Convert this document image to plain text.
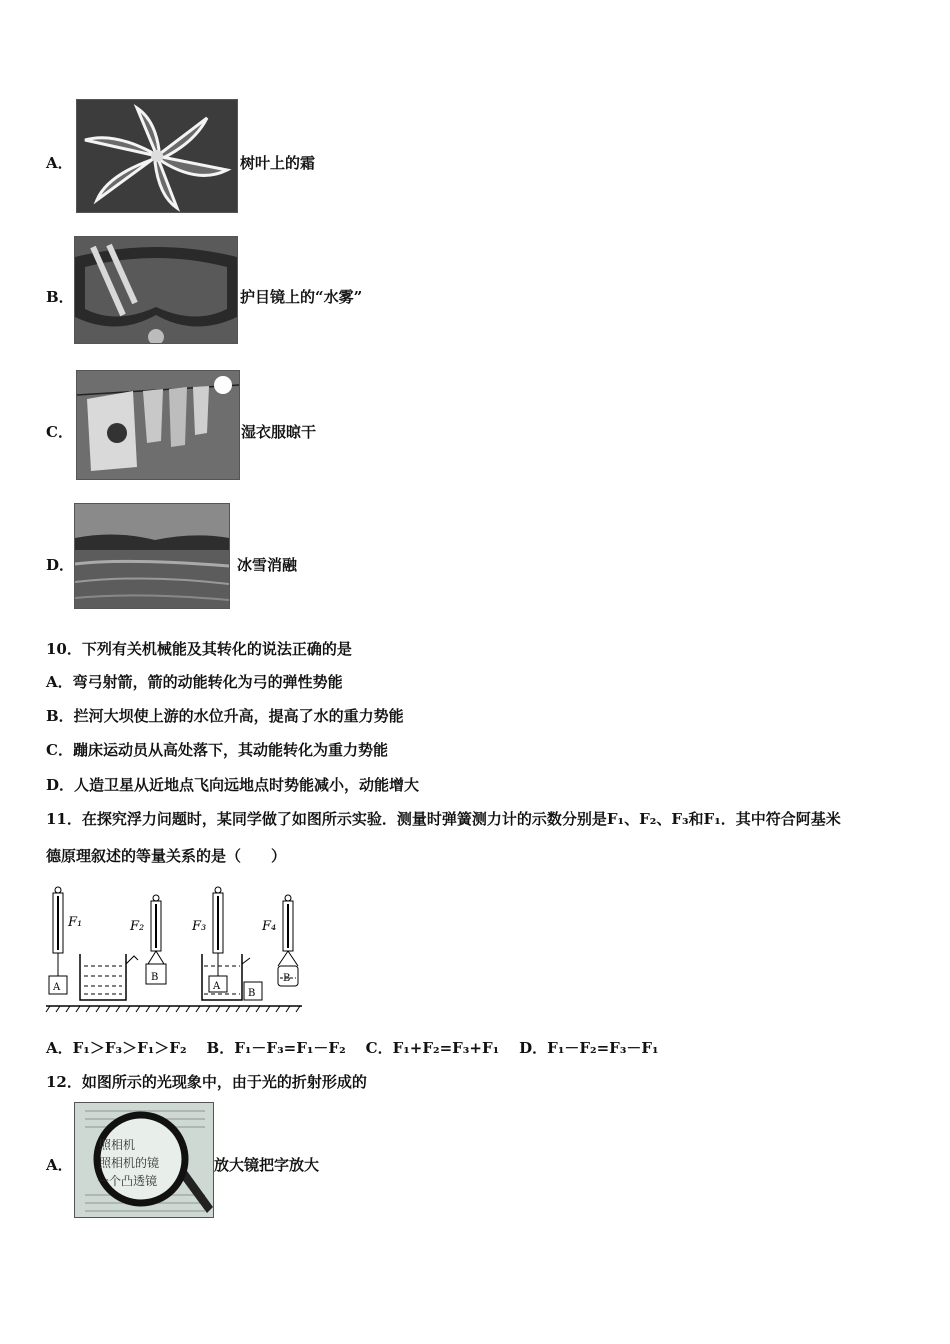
A．	树叶上的霜
B．	护目镜上的“水雾”
C．	湿衣服晾干
D．	冰雪消融
10．下列有关机械能及其转化的说法正确的是
A．弯弓射箭，箭的动能转化为弓的弹性势能
B．拦河大坝使上游的水位升高，提高了水的重力势能
C．蹦床运动员从高处落下，其动能转化为重力势能
D．人造卫星从近地点飞向远地点时势能减小，动能增大
11．在探究浮力问题时，某同学做了如图所示实验．测量时弹簧测力计的示数分别是F₁、F₂、F₃和F₁．其中符合阿基米
德原理叙述的等量关系的是（　　）
F₁
A
F₂
B
F₃
A
B
F₄
B
A．F₁＞F₃＞F₁＞F₂ B．F₁－F₃=F₁－F₂ C．F₁+F₂=F₃+F₁ D．F₁－F₂=F₃－F₁
12．如图所示的光现象中，由于光的折射形成的
A．
照相机
照相机的镜
一个凸透镜
放大镜把字放大
